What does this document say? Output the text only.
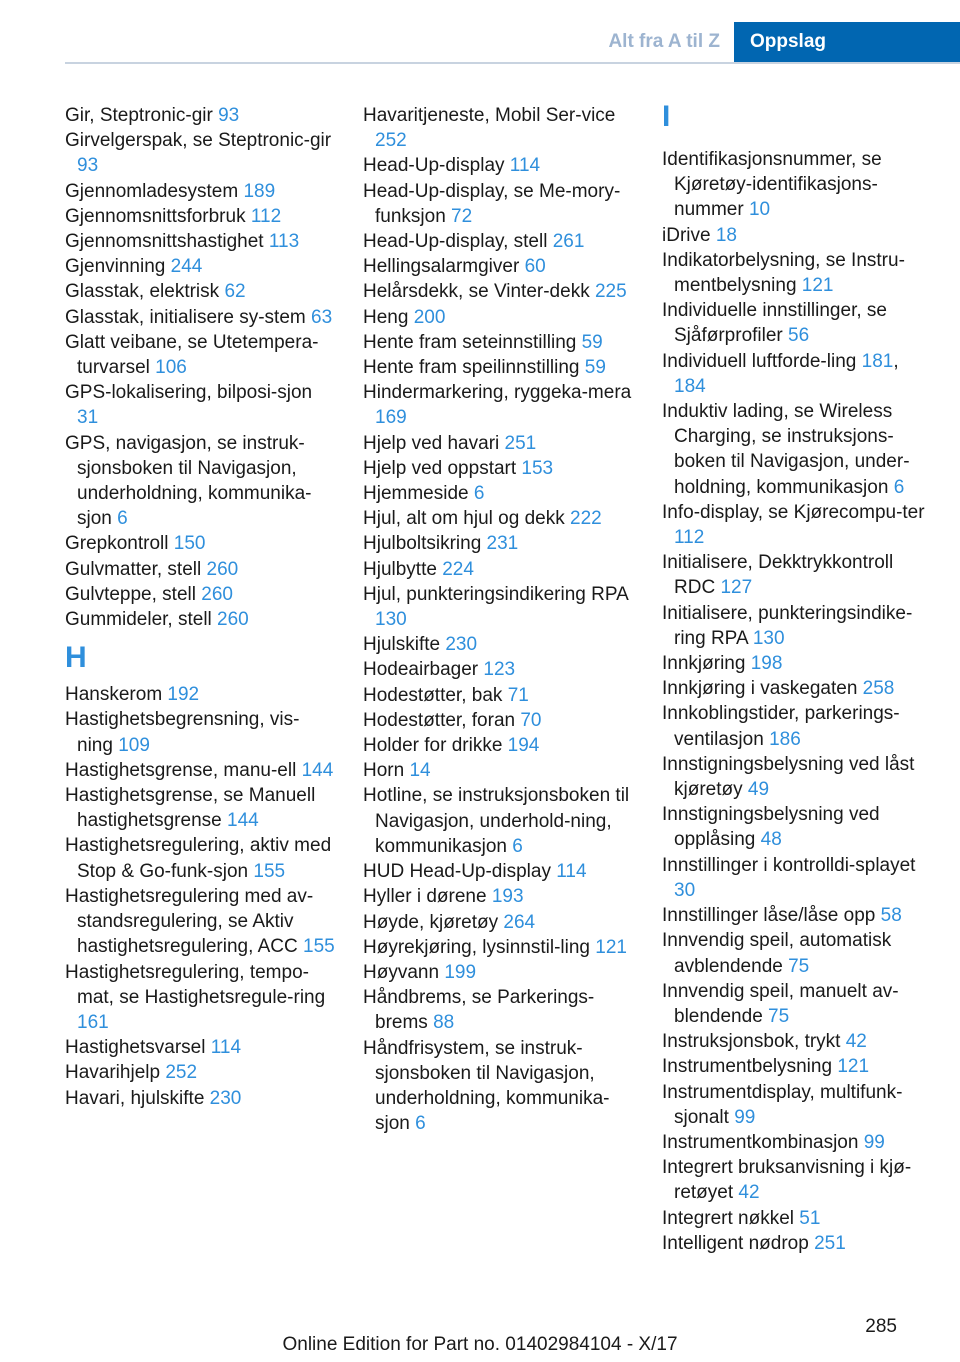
Alt fra A til Z	Oppslag
Gir, Steptronic-gir 93
Girvelgerspak, se Steptronic-gir 93
Gjennomladesystem 189
Gjennomsnittsforbruk 112
Gjennomsnittshastighet 113
Gjenvinning 244
Glasstak, elektrisk 62
Glasstak, initialisere sy-stem 63
Glatt veibane, se Utetempera-turvarsel 106
GPS-lokalisering, bilposi-sjon 31
GPS, navigasjon, se instruk-sjonsboken til Navigasjon, underholdning, kommunika-sjon 6
Grepkontroll 150
Gulvmatter, stell 260
Gulvteppe, stell 260
Gummideler, stell 260
H
Hanskerom 192
Hastighetsbegrensning, vis-ning 109
Hastighetsgrense, manu-ell 144
Hastighetsgrense, se Manuell hastighetsgrense 144
Hastighetsregulering, aktiv med Stop & Go-funk-sjon 155
Hastighetsregulering med av-standsregulering, se Aktiv hastighetsregulering, ACC 155
Hastighetsregulering, tempo-mat, se Hastighetsregule-ring 161
Hastighetsvarsel 114
Havarihjelp 252
Havari, hjulskifte 230
Havaritjeneste, Mobil Ser-vice 252
Head-Up-display 114
Head-Up-display, se Me-mory-funksjon 72
Head-Up-display, stell 261
Hellingsalarmgiver 60
Helårsdekk, se Vinter-dekk 225
Heng 200
Hente fram seteinnstilling 59
Hente fram speilinnstilling 59
Hindermarkering, ryggeka-mera 169
Hjelp ved havari 251
Hjelp ved oppstart 153
Hjemmeside 6
Hjul, alt om hjul og dekk 222
Hjulboltsikring 231
Hjulbytte 224
Hjul, punkteringsindikering RPA 130
Hjulskifte 230
Hodeairbager 123
Hodestøtter, bak 71
Hodestøtter, foran 70
Holder for drikke 194
Horn 14
Hotline, se instruksjonsboken til Navigasjon, underhold-ning, kommunikasjon 6
HUD Head-Up-display 114
Hyller i dørene 193
Høyde, kjøretøy 264
Høyrekjøring, lysinnstil-ling 121
Høyvann 199
Håndbrems, se Parkerings-brems 88
Håndfrisystem, se instruk-sjonsboken til Navigasjon, underholdning, kommunika-sjon 6
I
Identifikasjonsnummer, se Kjøretøy-identifikasjons-nummer 10
iDrive 18
Indikatorbelysning, se Instru-mentbelysning 121
Individuelle innstillinger, se Sjåførprofiler 56
Individuell luftforde-ling 181, 184
Induktiv lading, se Wireless Charging, se instruksjons-boken til Navigasjon, under-holdning, kommunikasjon 6
Info-display, se Kjørecompu-ter 112
Initialisere, Dekktrykkontroll RDC 127
Initialisere, punkteringsindike-ring RPA 130
Innkjøring 198
Innkjøring i vaskegaten 258
Innkoblingstider, parkerings-ventilasjon 186
Innstigningsbelysning ved låst kjøretøy 49
Innstigningsbelysning ved opplåsing 48
Innstillinger i kontrolldi-splayet 30
Innstillinger låse/låse opp 58
Innvendig speil, automatisk avblendende 75
Innvendig speil, manuelt av-blendende 75
Instruksjonsbok, trykt 42
Instrumentbelysning 121
Instrumentdisplay, multifunk-sjonalt 99
Instrumentkombinasjon 99
Integrert bruksanvisning i kjø-retøyet 42
Integrert nøkkel 51
Intelligent nødrop 251
285
Online Edition for Part no. 01402984104 - X/17
